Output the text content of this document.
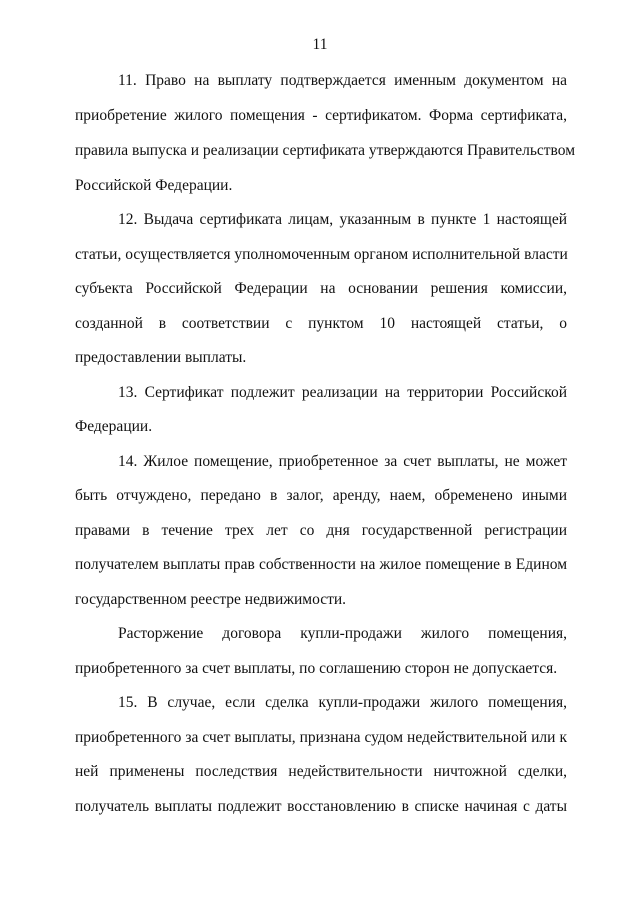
11
11. Право на выплату подтверждается именным документом на
приобретение жилого помещения - сертификатом. Форма сертификата,
правила выпуска и реализации сертификата утверждаются Правительством
Российской Федерации.
12. Выдача сертификата лицам, указанным в пункте 1 настоящей
статьи, осуществляется уполномоченным органом исполнительной власти
субъекта Российской Федерации на основании решения комиссии,
созданной в соответствии с пунктом 10 настоящей статьи, о
предоставлении выплаты.
13. Сертификат подлежит реализации на территории Российской
Федерации.
14. Жилое помещение, приобретенное за счет выплаты, не может
быть отчуждено, передано в залог, аренду, наем, обременено иными
правами в течение трех лет со дня государственной регистрации
получателем выплаты прав собственности на жилое помещение в Едином
государственном реестре недвижимости.
Расторжение договора купли-продажи жилого помещения,
приобретенного за счет выплаты, по соглашению сторон не допускается.
15. В случае, если сделка купли-продажи жилого помещения,
приобретенного за счет выплаты, признана судом недействительной или к
ней применены последствия недействительности ничтожной сделки,
получатель выплаты подлежит восстановлению в списке начиная с даты
